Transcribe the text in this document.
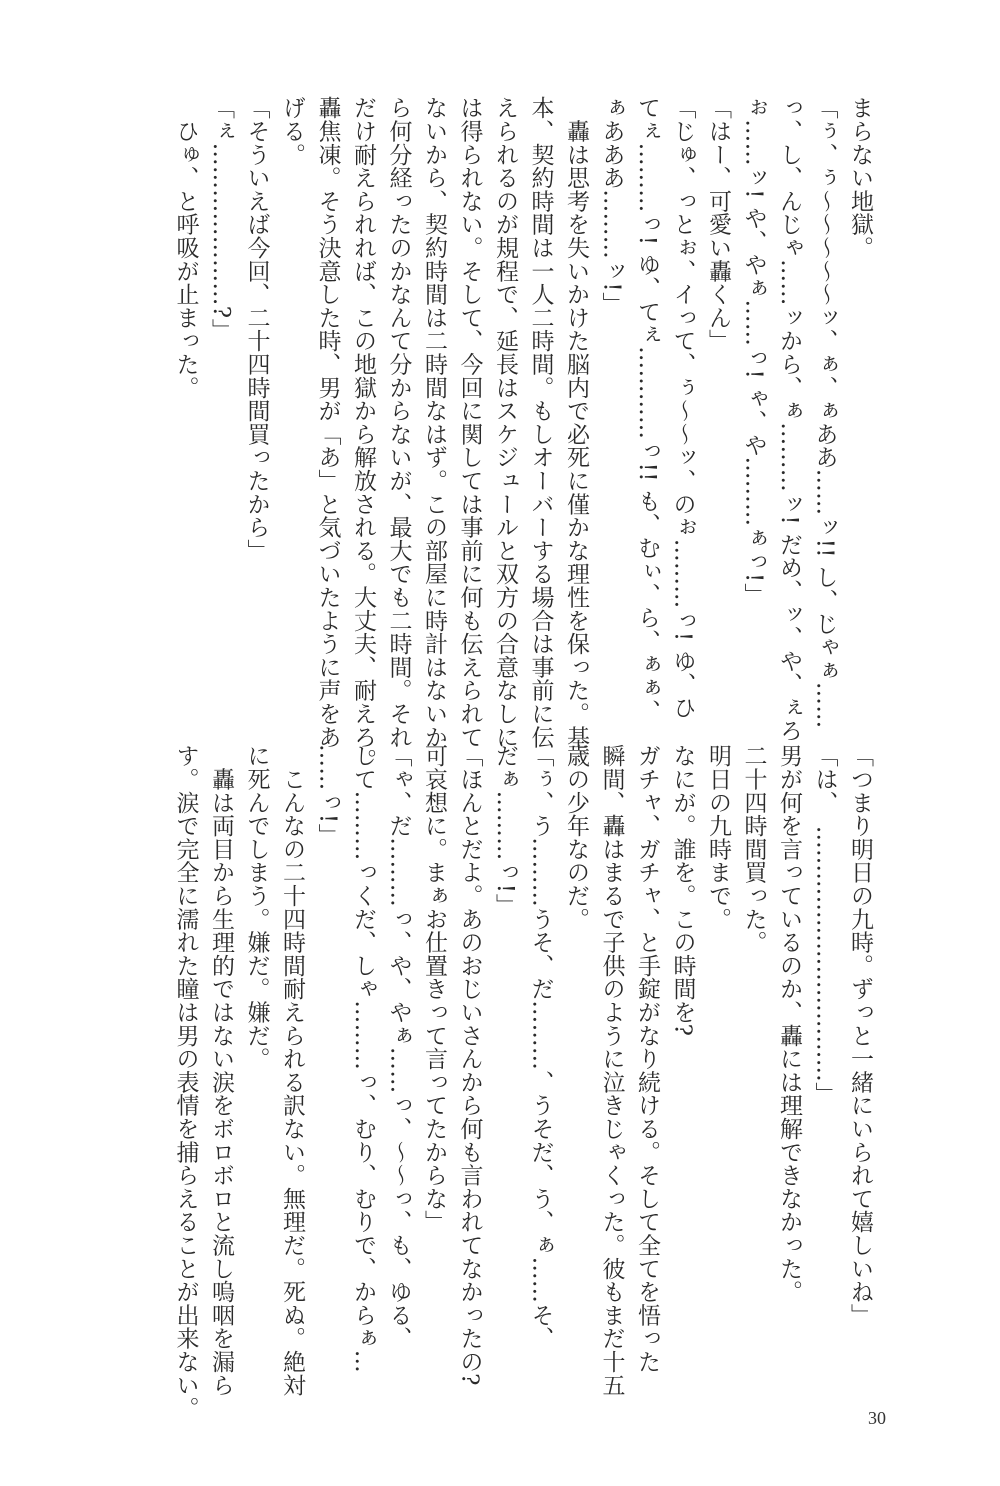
まらない地獄。
「ぅ、ぅ〜〜〜〜〜ッ、ぁ、ぁああ……ッ!! し、じゃぁ……
っ、し、んじゃ……ッから、ぁ………ッ! だめ、ッ、や、ぇろ
ぉ……ッ! や、やぁ……っ! ゃ、や………ぁっ!」
「はー、可愛い轟くん」
「じゅ、っとぉ、イって、ぅ〜〜ッ、のぉ………っ! ゆ、ひ
てぇ………っ! ゆ、てぇ…………っ!! も、むぃ、ら、ぁぁ、
ぁあああ………ッ!」
　轟は思考を失いかけた脳内で必死に僅かな理性を保った。基
本、契約時間は一人二時間。もしオーバーする場合は事前に伝
えられるのが規程で、延長はスケジュールと双方の合意なしに
は得られない。そして、今回に関しては事前に何も伝えられて
ないから、契約時間は二時間なはず。この部屋に時計はないか
ら何分経ったのかなんて分からないが、最大でも二時間。それ
だけ耐えられれば、この地獄から解放される。大丈夫、耐えろ。
轟焦凍。そう決意した時、男が「あ」と気づいたように声をあ
げる。
「そういえば今回、二十四時間買ったから」
「ぇ…………………?」
　ひゅ、と呼吸が止まった。
「つまり明日の九時。ずっと一緒にいられて嬉しいね」
「は、　……………………………」
男が何を言っているのか、轟には理解できなかった。
二十四時間買った。
明日の九時まで。
なにが。誰を。この時間を?
ガチャ、ガチャ、と手錠がなり続ける。そして全てを悟った
瞬間、轟はまるで子供のように泣きじゃくった。彼もまだ十五
歳の少年なのだ。
「ぅ、う………うそ、だ………、うそだ、う、ぁ……そ、
だぁ………っ!」
「ほんとだよ。あのおじいさんから何も言われてなかったの?
可哀想に。まぁお仕置きって言ってたからな」
「ゃ、だ………っ、や、やぁ……っ、〜〜っ、も、ゆる、
して………っくだ、しゃ………っ、むり、むりで、からぁ…
……っ!」
　こんなの二十四時間耐えられる訳ない。無理だ。死ぬ。絶対
に死んでしまう。嫌だ。嫌だ。
　轟は両目から生理的ではない涙をボロボロと流し嗚咽を漏ら
す。涙で完全に濡れた瞳は男の表情を捕らえることが出来ない。	30
